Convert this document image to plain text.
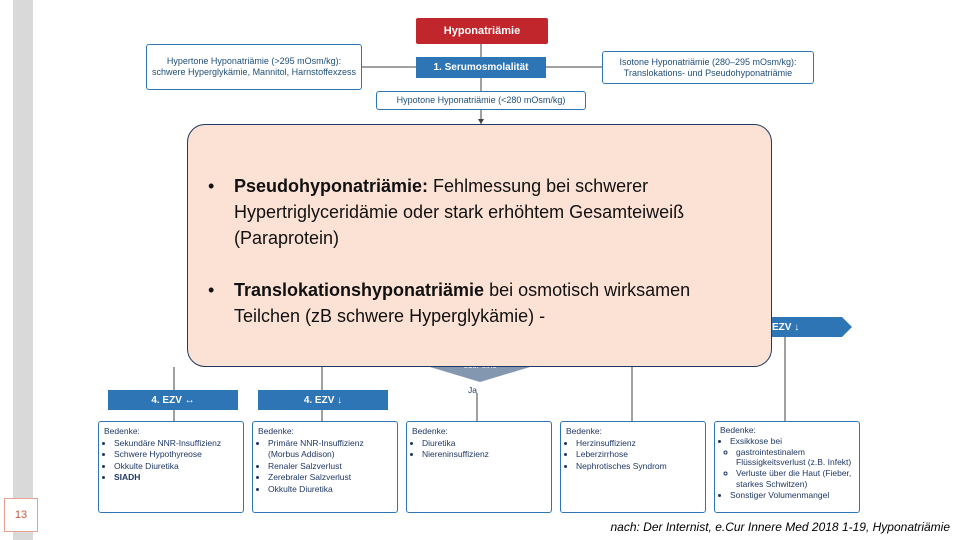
13
Hyponatriämie
1. Serumosmolalität
Hypertone Hyponatriämie (>295 mOsm/kg): schwere Hyperglykämie, Mannitol, Harnstoffexzess
Isotone Hyponatriämie (280–295 mOsm/kg): Translokations- und Pseudohyponatriämie
Hypotone Hyponatriämie (<280 mOsm/kg)
EZV ↓
Ja
4. EZV ↔	4. EZV ↓
Bedenke:
• Sekundäre NNR-Insuffizienz
• Schwere Hypothyreose
• Okkulte Diuretika
• SIADH
Bedenke:
• Primäre NNR-Insuffizienz (Morbus Addison)
• Renaler Salzverlust
• Zerebraler Salzverlust
• Okkulte Diuretika
Bedenke:
• Diuretika
• Niereninsuffizienz
Bedenke:
• Herzinsuffizienz
• Leberzirrhose
• Nephrotisches Syndrom
Bedenke:
• Exsikkose bei
◦ gastrointestinalem Flüssigkeitsverlust (z.B. Infekt)
◦ Verluste über die Haut (Fieber, starkes Schwitzen)
• Sonstiger Volumenmangel
•	Pseudohyponatriämie: Fehlmessung bei schwerer Hypertriglyceridämie oder stark erhöhtem Gesamteiweiß (Paraprotein)
•	Translokationshyponatriämie bei osmotisch wirksamen Teilchen (zB schwere Hyperglykämie) -
nach: Der Internist, e.Cur Innere Med 2018 1-19, Hyponatriämie
